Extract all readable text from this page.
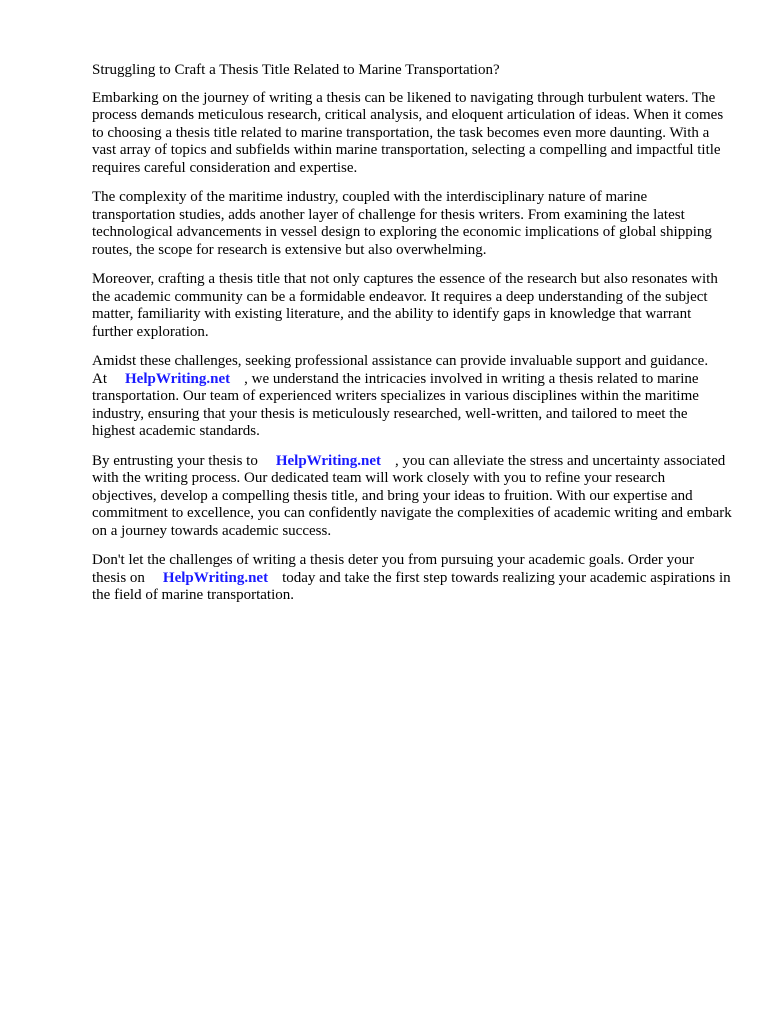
Struggling to Craft a Thesis Title Related to Marine Transportation?

Embarking on the journey of writing a thesis can be likened to navigating through turbulent waters. The process demands meticulous research, critical analysis, and eloquent articulation of ideas. When it comes to choosing a thesis title related to marine transportation, the task becomes even more daunting. With a vast array of topics and subfields within marine transportation, selecting a compelling and impactful title requires careful consideration and expertise.

The complexity of the maritime industry, coupled with the interdisciplinary nature of marine transportation studies, adds another layer of challenge for thesis writers. From examining the latest technological advancements in vessel design to exploring the economic implications of global shipping routes, the scope for research is extensive but also overwhelming.

Moreover, crafting a thesis title that not only captures the essence of the research but also resonates with the academic community can be a formidable endeavor. It requires a deep understanding of the subject matter, familiarity with existing literature, and the ability to identify gaps in knowledge that warrant further exploration.

Amidst these challenges, seeking professional assistance can provide invaluable support and guidance. At HelpWriting.net , we understand the intricacies involved in writing a thesis related to marine transportation. Our team of experienced writers specializes in various disciplines within the maritime industry, ensuring that your thesis is meticulously researched, well-written, and tailored to meet the highest academic standards.

By entrusting your thesis to HelpWriting.net , you can alleviate the stress and uncertainty associated with the writing process. Our dedicated team will work closely with you to refine your research objectives, develop a compelling thesis title, and bring your ideas to fruition. With our expertise and commitment to excellence, you can confidently navigate the complexities of academic writing and embark on a journey towards academic success.

Don't let the challenges of writing a thesis deter you from pursuing your academic goals. Order your thesis on HelpWriting.net today and take the first step towards realizing your academic aspirations in the field of marine transportation.
